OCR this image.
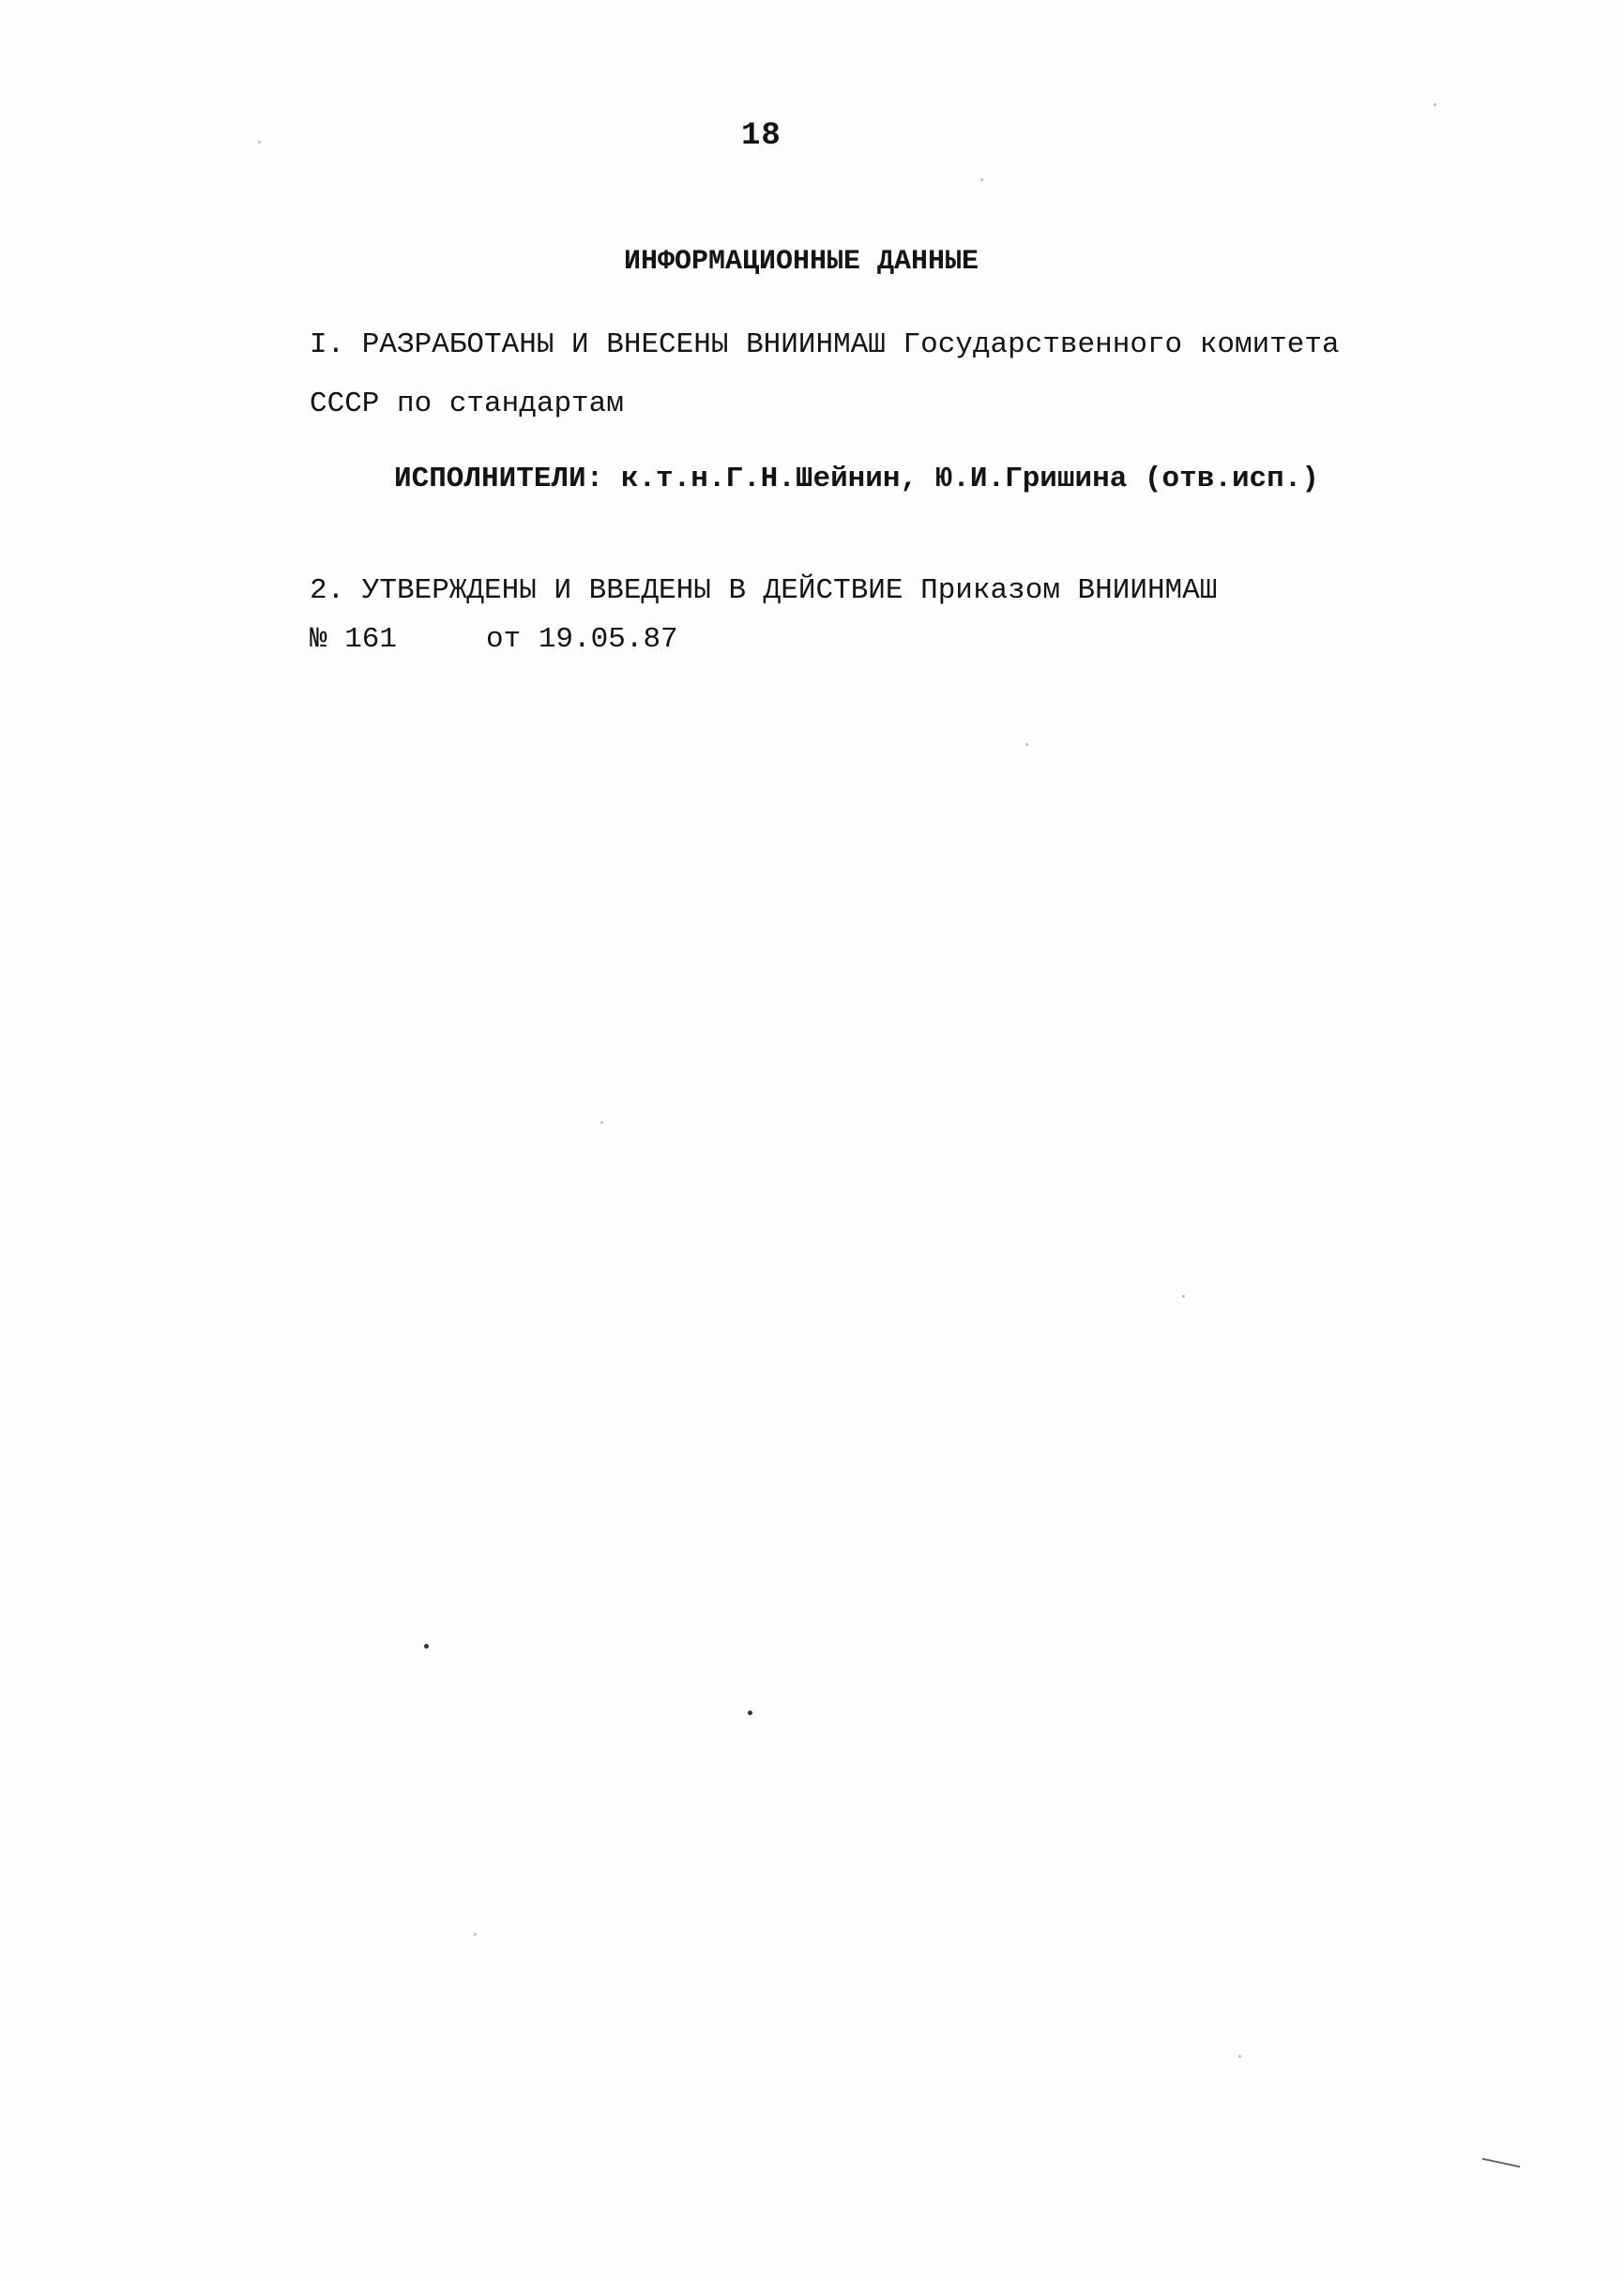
18
ИНФОРМАЦИОННЫЕ ДАННЫЕ
I. РАЗРАБОТАНЫ И ВНЕСЕНЫ ВНИИНМАШ Государственного комитета
СССР по стандартам
ИСПОЛНИТЕЛИ: к.т.н.Г.Н.Шейнин, Ю.И.Гришина (отв.исп.)
2. УТВЕРЖДЕНЫ И ВВЕДЕНЫ В ДЕЙСТВИЕ Приказом ВНИИНМАШ
№ 161	от 19.05.87
